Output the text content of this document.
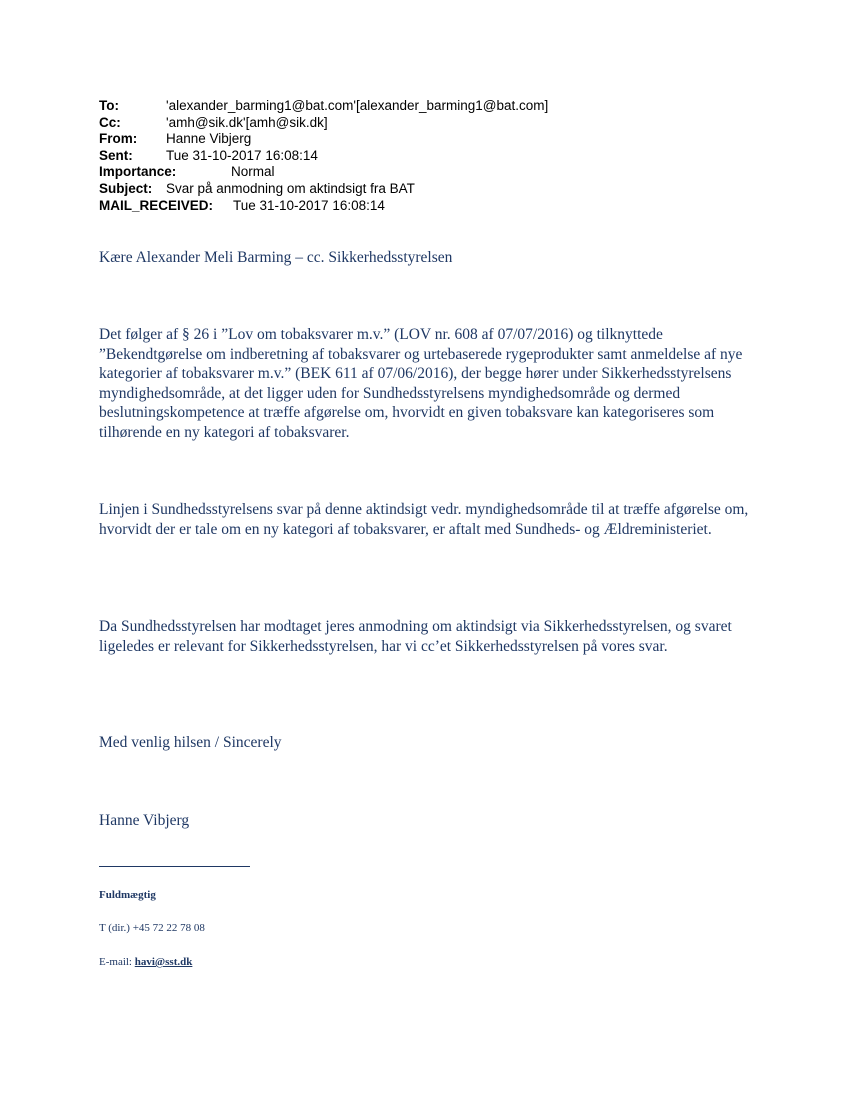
To:	'alexander_barming1@bat.com'[alexander_barming1@bat.com]
Cc:	'amh@sik.dk'[amh@sik.dk]
From: Hanne Vibjerg
Sent: Tue 31-10-2017 16:08:14
Importance:	Normal
Subject: Svar på anmodning om aktindsigt fra BAT
MAIL_RECEIVED: Tue 31-10-2017 16:08:14

Kære Alexander Meli Barming – cc. Sikkerhedsstyrelsen

Det følger af § 26 i ”Lov om tobaksvarer m.v.” (LOV nr. 608 af 07/07/2016) og tilknyttede ”Bekendtgørelse om indberetning af tobaksvarer og urtebaserede rygeprodukter samt anmeldelse af nye kategorier af tobaksvarer m.v.” (BEK 611 af 07/06/2016), der begge hører under Sikkerhedsstyrelsens myndighedsområde, at det ligger uden for Sundhedsstyrelsens myndighedsområde og dermed beslutningskompetence at træffe afgørelse om, hvorvidt en given tobaksvare kan kategoriseres som tilhørende en ny kategori af tobaksvarer.

Linjen i Sundhedsstyrelsens svar på denne aktindsigt vedr. myndighedsområde til at træffe afgørelse om, hvorvidt der er tale om en ny kategori af tobaksvarer, er aftalt med Sundheds- og Ældreministeriet.

Da Sundhedsstyrelsen har modtaget jeres anmodning om aktindsigt via Sikkerhedsstyrelsen, og svaret ligeledes er relevant for Sikkerhedsstyrelsen, har vi cc’et Sikkerhedsstyrelsen på vores svar.

Med venlig hilsen / Sincerely

Hanne Vibjerg

Fuldmægtig

T (dir.) +45 72 22 78 08

E-mail: havi@sst.dk
